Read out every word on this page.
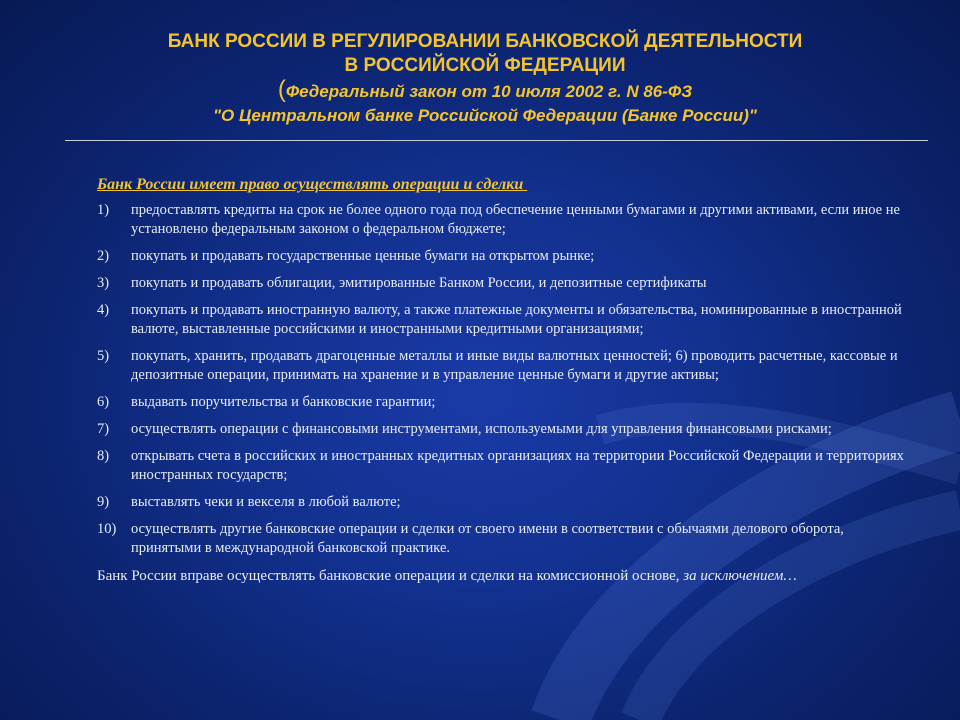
БАНК РОССИИ В РЕГУЛИРОВАНИИ БАНКОВСКОЙ ДЕЯТЕЛЬНОСТИ
В РОССИЙСКОЙ ФЕДЕРАЦИИ
(Федеральный закон от 10 июля 2002 г. N 86-ФЗ
"О Центральном банке Российской Федерации (Банке России)"
Банк России имеет право осуществлять операции и сделки
1)	предоставлять кредиты на срок не более одного года под обеспечение ценными бумагами и другими активами, если иное не установлено федеральным законом о федеральном бюджете;
2)	покупать и продавать государственные ценные бумаги на открытом рынке;
3)	покупать и продавать облигации, эмитированные Банком России, и депозитные сертификаты
4)	покупать и продавать иностранную валюту, а также платежные документы и обязательства, номинированные в иностранной валюте, выставленные российскими и иностранными кредитными организациями;
5)	покупать, хранить, продавать драгоценные металлы и иные виды валютных ценностей; 6) проводить расчетные, кассовые и депозитные операции, принимать на хранение и в управление ценные бумаги и другие активы;
6)	выдавать поручительства и банковские гарантии;
7)	осуществлять операции с финансовыми инструментами, используемыми для управления финансовыми рисками;
8)	открывать счета в российских и иностранных кредитных организациях на территории Российской Федерации и территориях иностранных государств;
9)	выставлять чеки и векселя в любой валюте;
10)	осуществлять другие банковские операции и сделки от своего имени в соответствии с обычаями делового оборота, принятыми в международной банковской практике.
Банк России вправе осуществлять банковские операции и сделки на комиссионной основе, за исключением…
